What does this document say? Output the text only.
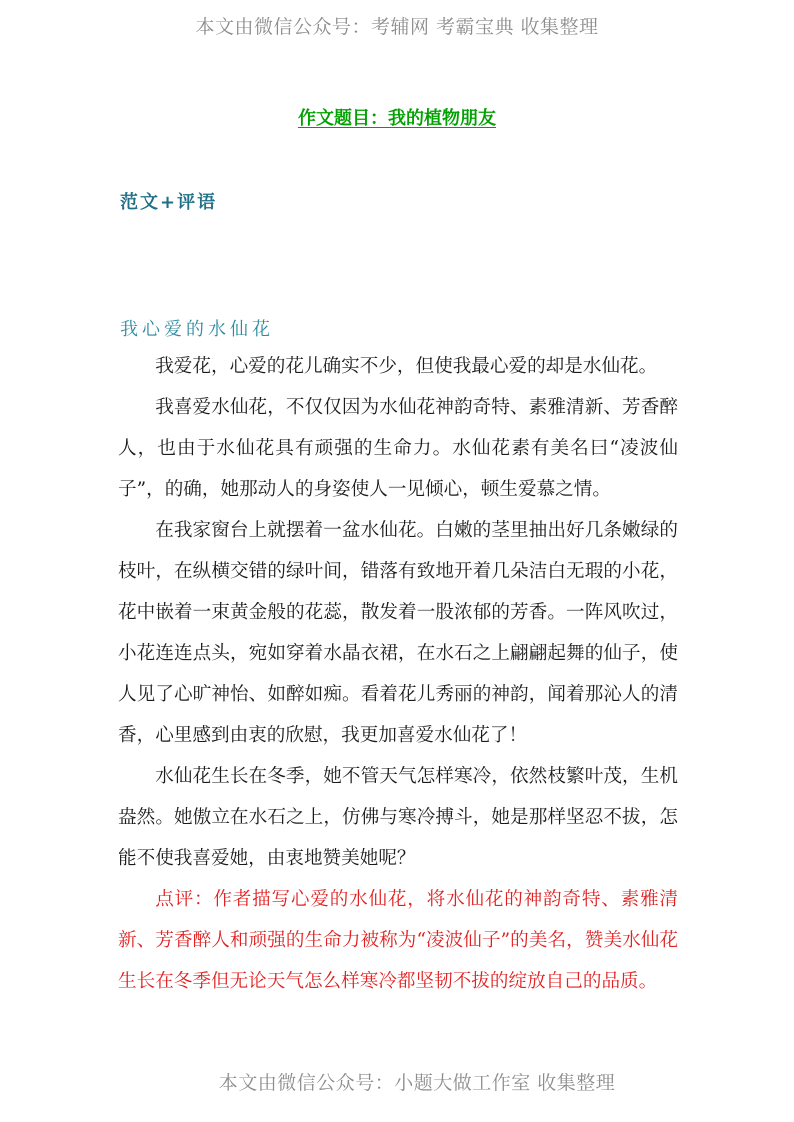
本文由微信公众号：考辅网 考霸宝典 收集整理
作文题目：我的植物朋友
范文+评语
我心爱的水仙花

我爱花，心爱的花儿确实不少，但使我最心爱的却是水仙花。

我喜爱水仙花，不仅仅因为水仙花神韵奇特、素雅清新、芳香醉人，也由于水仙花具有顽强的生命力。水仙花素有美名曰“凌波仙子”，的确，她那动人的身姿使人一见倾心，顿生爱慕之情。

在我家窗台上就摆着一盆水仙花。白嫩的茎里抽出好几条嫩绿的枝叶，在纵横交错的绿叶间，错落有致地开着几朵洁白无瑕的小花，花中嵌着一束黄金般的花蕊，散发着一股浓郁的芳香。一阵风吹过，小花连连点头，宛如穿着水晶衣裙，在水石之上翩翩起舞的仙子，使人见了心旷神怡、如醉如痴。看着花儿秀丽的神韵，闻着那沁人的清香，心里感到由衷的欣慰，我更加喜爱水仙花了！

水仙花生长在冬季，她不管天气怎样寒冷，依然枝繁叶茂，生机盎然。她傲立在水石之上，仿佛与寒冷搏斗，她是那样坚忍不拔，怎能不使我喜爱她，由衷地赞美她呢？

点评：作者描写心爱的水仙花，将水仙花的神韵奇特、素雅清新、芳香醉人和顽强的生命力被称为“凌波仙子”的美名，赞美水仙花生长在冬季但无论天气怎么样寒冷都坚韧不拔的绽放自己的品质。

本文由微信公众号：小题大做工作室 收集整理
